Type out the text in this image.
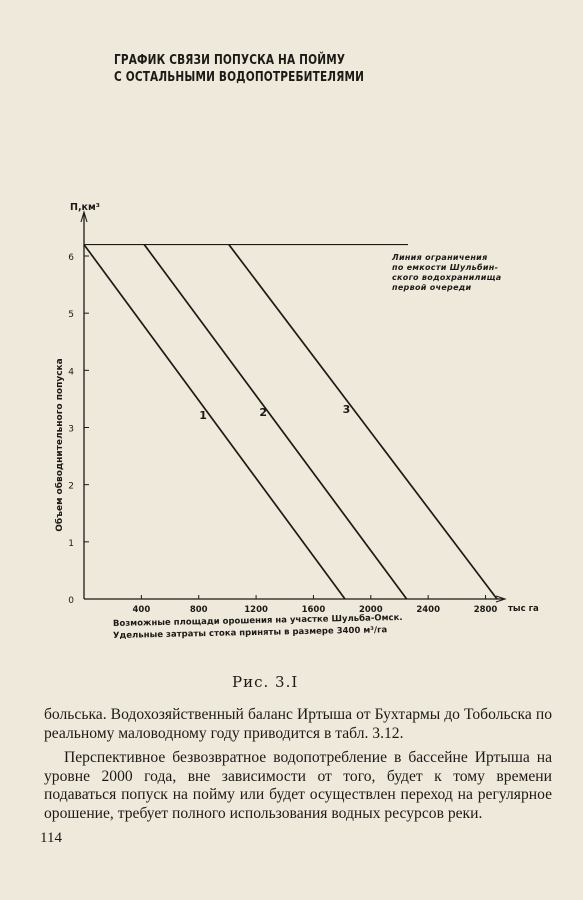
ГРАФИК СВЯЗИ ПОПУСКА НА ПОЙМУ
С ОСТАЛЬНЫМИ ВОДОПОТРЕБИТЕЛЯМИ
0
1
2
3
4
5
6
400	800	1200	1600	2000	2400	2800
Линия ограничения
по емкости Шульбин-
ского водохранилища
первой очереди
1	2	3
П,км³
Объем обводнительного попуска
тыс га
Возможные площади орошения на участке Шульба-Омск.
Удельные затраты стока приняты в размере 3400 м³/га
Рис. 3.I

больська. Водохозяйственный баланс Иртыша от Бухтармы до Тобольска по реальному маловодному году приводится в табл. 3.12.

Перспективное безвозвратное водопотребление в бассейне Иртыша на уровне 2000 года, вне зависимости от того, будет к тому времени подаваться попуск на пойму или будет осуществлен переход на регулярное орошение, требует полного использования водных ресурсов реки.

114
